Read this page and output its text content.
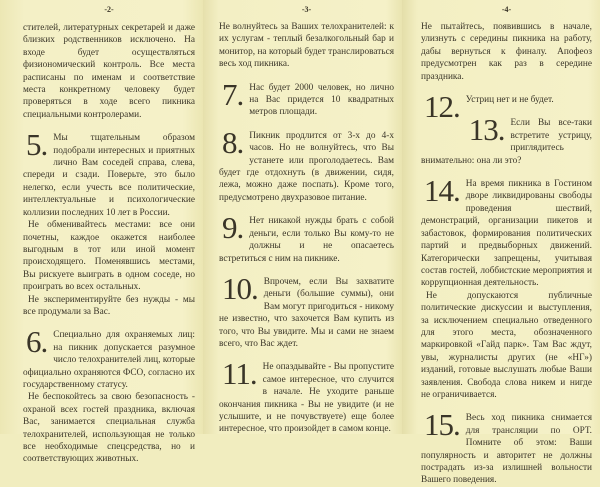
-2-

стителей, литературных секретарей и даже близких родственников исключено. На входе будет осуществляться физиономический контроль. Все места расписаны по именам и соответствие места конкретному человеку будет проверяться в ходе всего пикника специальными контролерами.

5. Мы тщательным образом подобрали интересных и приятных лично Вам соседей справа, слева, спереди и сзади. Поверьте, это было нелегко, если учесть все политические, интеллектуальные и психологические коллизии последних 10 лет в России.

Не обменивайтесь местами: все они почетны, каждое окажется наиболее выгодным в тот или иной момент происходящего. Поменявшись местами, Вы рискуете выиграть в одном соседе, но проиграть во всех остальных.

Не экспериментируйте без нужды - мы все продумали за Вас.

6. Специально для охраняемых лиц: на пикник допускается разумное число телохранителей лиц, которые официально охраняются ФСО, согласно их государственному статусу.

Не беспокойтесь за свою безопасность - охраной всех гостей праздника, включая Вас, занимается специальная служба телохранителей, использующая не только все необходимые спецсредства, но и соответствующих животных.

-3-

Не волнуйтесь за Ваших телохранителей: к их услугам - теплый безалкогольный бар и монитор, на который будет транслироваться весь ход пикника.

7. Нас будет 2000 человек, но лично на Вас придется 10 квадратных метров площади.

8. Пикник продлится от 3-х до 4-х часов. Но не волнуйтесь, что Вы устанете или проголодаетесь. Вам будет где отдохнуть (в движении, сидя, лежа, можно даже поспать). Кроме того, предусмотрено двухразовое питание.

9. Нет никакой нужды брать с собой деньги, если только Вы кому-то не должны и не опасаетесь встретиться с ним на пикнике.

10. Впрочем, если Вы захватите деньги (большие суммы), они Вам могут пригодиться - никому не известно, что захочется Вам купить из того, что Вы увидите. Мы и сами не знаем всего, что Вас ждет.

11. Не опаздывайте - Вы пропустите самое интересное, что случится в начале. Не уходите раньше окончания пикника - Вы не увидите (и не услышите, и не почувствуете) еще более интересное, что произойдет в самом конце.

-4-

Не пытайтесь, появившись в начале, улизнуть с середины пикника на работу, дабы вернуться к финалу. Апофеоз предусмотрен как раз в середине праздника.

12. Устриц нет и не будет.

13. Если Вы все-таки встретите устрицу, приглядитесь внимательно: она ли это?

14. На время пикника в Гостином дворе ликвидированы свободы проведения шествий, демонстраций, организации пикетов и забастовок, формирования политических партий и предвыборных движений. Категорически запрещены, учитывая состав гостей, лоббистские мероприятия и коррупционная деятельность.

Не допускаются публичные политические дискуссии и выступления, за исключением специально отведенного для этого места, обозначенного маркировкой «Гайд парк». Там Вас ждут, увы, журналисты других (не «НГ») изданий, готовые выслушать любые Ваши заявления. Свобода слова никем и нигде не ограничивается.

15. Весь ход пикника снимается для трансляции по ОРТ. Помните об этом: Ваши популярность и авторитет не должны пострадать из-за излишней вольности Вашего поведения.
